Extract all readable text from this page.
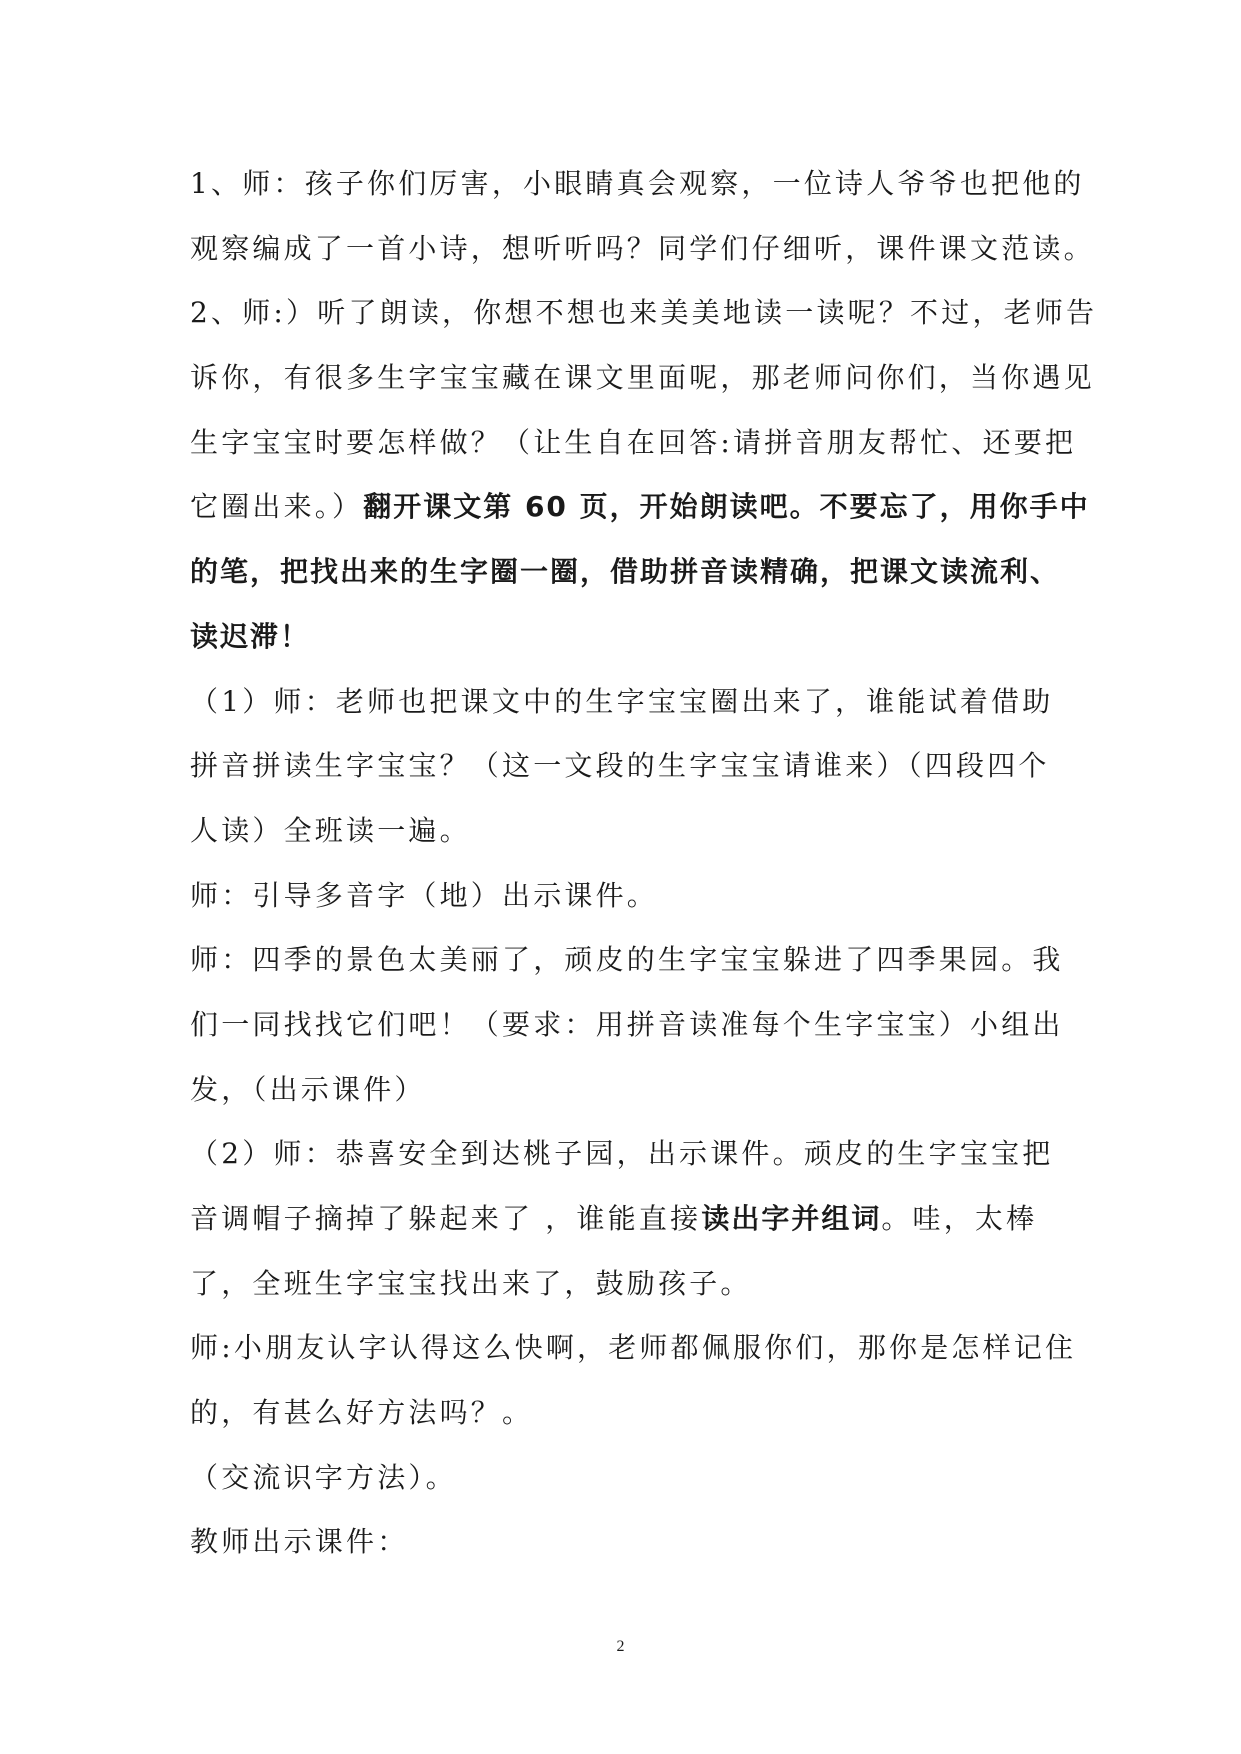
1、师：孩子你们厉害，小眼睛真会观察，一位诗人爷爷也把他的
观察编成了一首小诗，想听听吗？同学们仔细听，课件课文范读。
2、师:）听了朗读，你想不想也来美美地读一读呢？不过，老师告
诉你，有很多生字宝宝藏在课文里面呢，那老师问你们，当你遇见
生字宝宝时要怎样做？（让生自在回答:请拼音朋友帮忙、还要把
它圈出来。）翻开课文第 60 页，开始朗读吧。不要忘了，用你手中
的笔，把找出来的生字圈一圈，借助拼音读精确，把课文读流利、
读迟滞！
（1）师：老师也把课文中的生字宝宝圈出来了，谁能试着借助
拼音拼读生字宝宝？（这一文段的生字宝宝请谁来）（四段四个
人读）全班读一遍。
师：引导多音字（地）出示课件。
师：四季的景色太美丽了，顽皮的生字宝宝躲进了四季果园。我
们一同找找它们吧！（要求：用拼音读准每个生字宝宝）小组出
发，（出示课件）
（2）师：恭喜安全到达桃子园，出示课件。顽皮的生字宝宝把
音调帽子摘掉了躲起来了 ，谁能直接读出字并组词。哇，太棒
了，全班生字宝宝找出来了，鼓励孩子。
师:小朋友认字认得这么快啊，老师都佩服你们，那你是怎样记住
的，有甚么好方法吗？。
（交流识字方法）。
教师出示课件：
2
